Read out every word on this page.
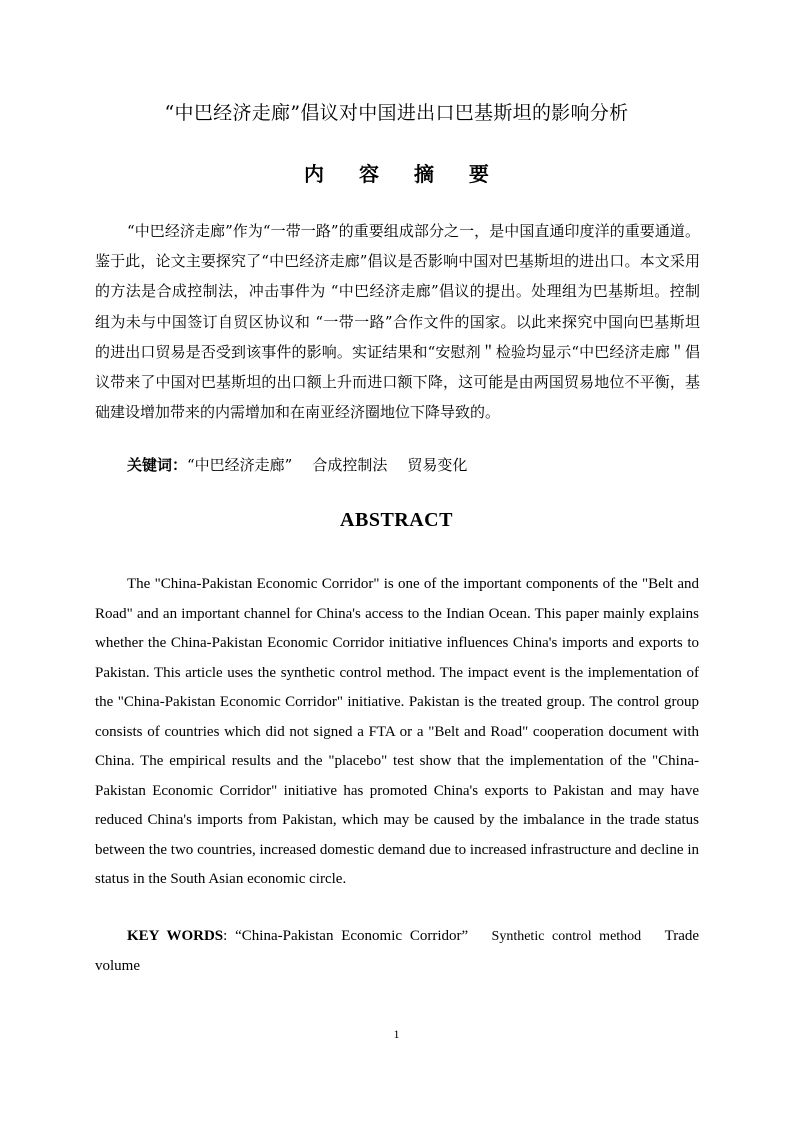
“中巴经济走廊”倡议对中国进出口巴基斯坦的影响分析
内 容 摘 要

“中巴经济走廊”作为“一带一路”的重要组成部分之一，是中国直通印度洋的重要通道。鉴于此，论文主要探究了“中巴经济走廊”倡议是否影响中国对巴基斯坦的进出口。本文采用的方法是合成控制法，冲击事件为 “中巴经济走廊”倡议的提出。处理组为巴基斯坦。控制组为未与中国签订自贸区协议和 “一带一路”合作文件的国家。以此来探究中国向巴基斯坦的进出口贸易是否受到该事件的影响。实证结果和“安慰剂＂检验均显示“中巴经济走廊＂倡议带来了中国对巴基斯坦的出口额上升而进口额下降，这可能是由两国贸易地位不平衡，基础建设增加带来的内需增加和在南亚经济圈地位下降导致的。

关键词：“中巴经济走廊” 合成控制法 贸易变化
ABSTRACT

The "China-Pakistan Economic Corridor" is one of the important components of the "Belt and Road" and an important channel for China's access to the Indian Ocean. This paper mainly explains whether the China-Pakistan Economic Corridor initiative influences China's imports and exports to Pakistan. This article uses the synthetic control method. The impact event is the implementation of the "China-Pakistan Economic Corridor" initiative. Pakistan is the treated group. The control group consists of countries which did not signed a FTA or a "Belt and Road" cooperation document with China. The empirical results and the "placebo" test show that the implementation of the "China-Pakistan Economic Corridor" initiative has promoted China's exports to Pakistan and may have reduced China's imports from Pakistan, which may be caused by the imbalance in the trade status between the two countries, increased domestic demand due to increased infrastructure and decline in status in the South Asian economic circle.

KEY WORDS: “China-Pakistan Economic Corridor” Synthetic control method Trade volume
1
